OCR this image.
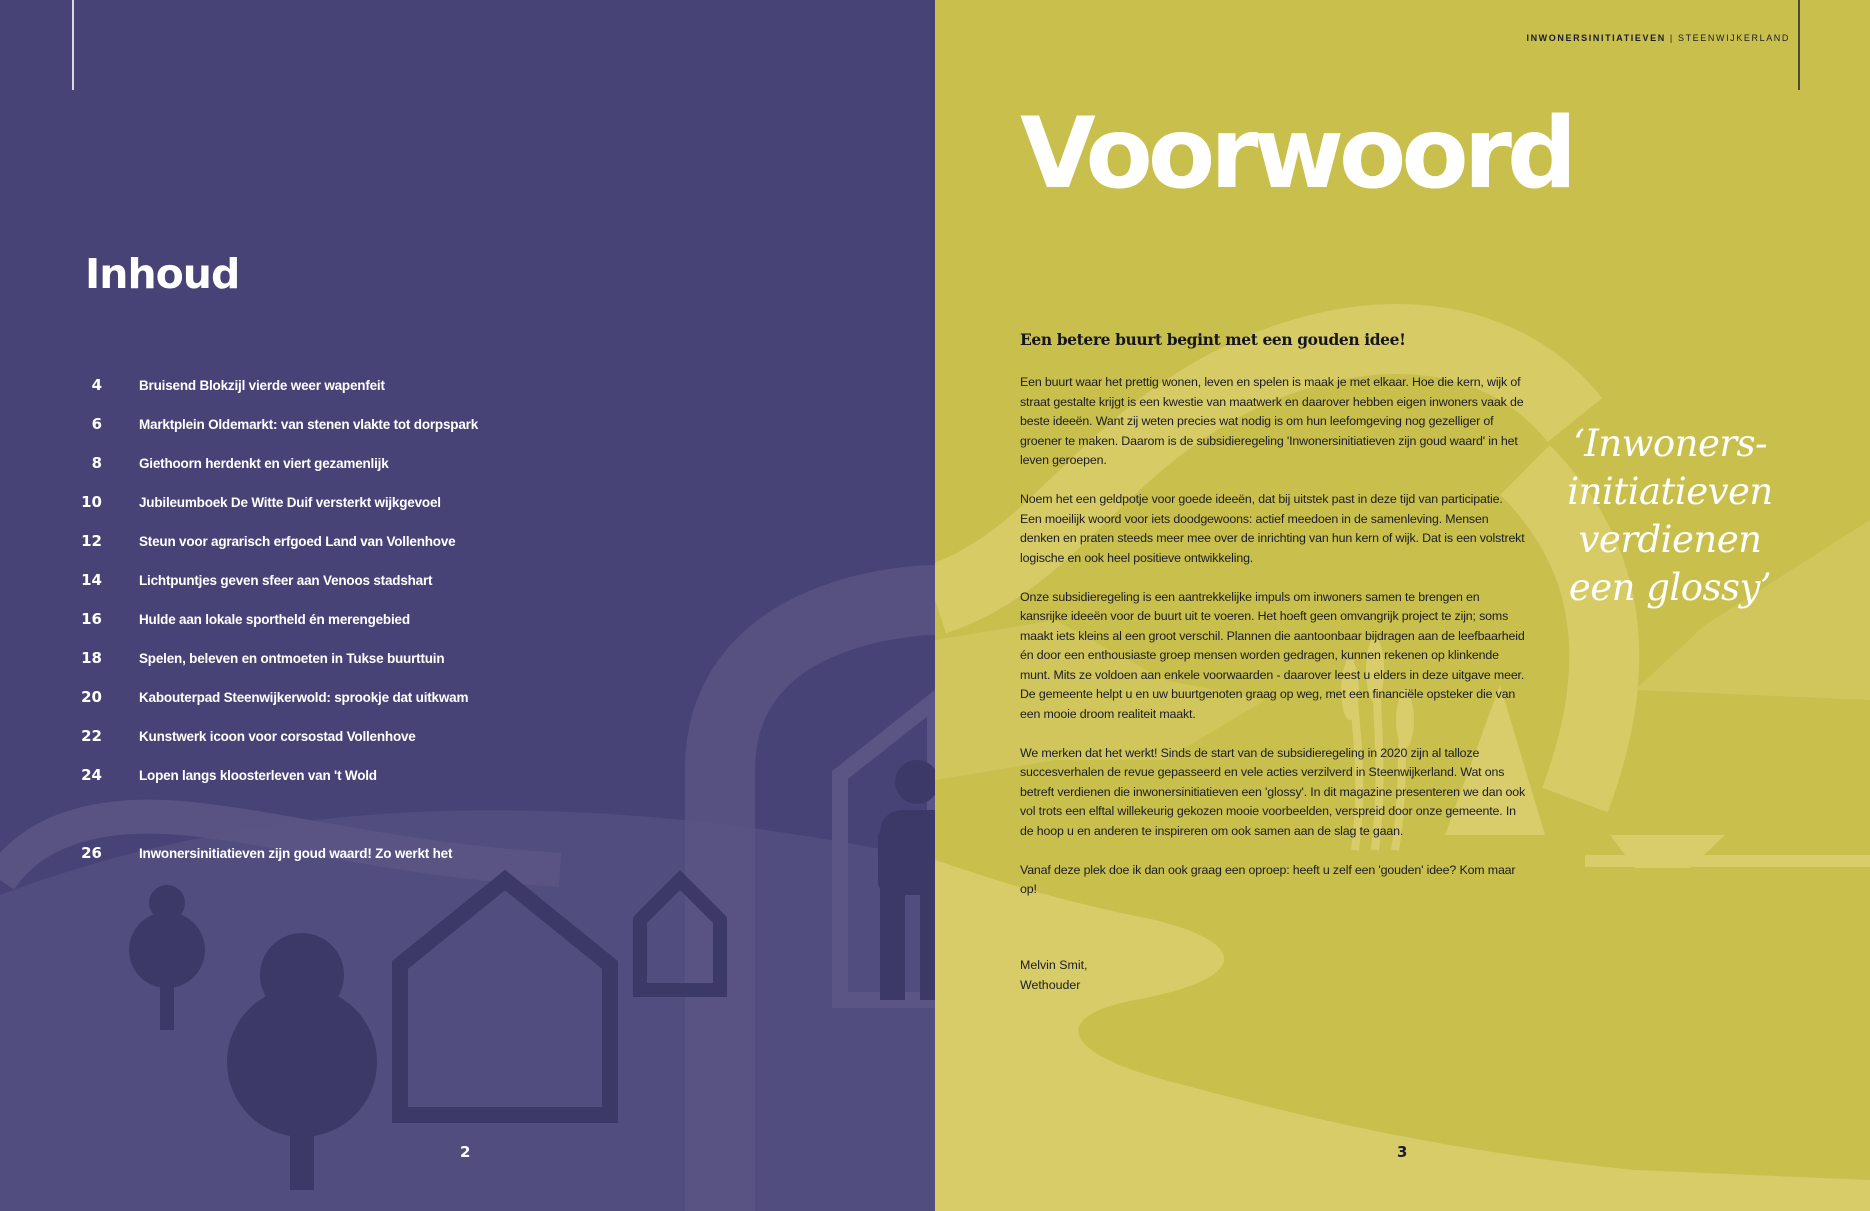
Inhoud
4	Bruisend Blokzijl vierde weer wapenfeit
6	Marktplein Oldemarkt: van stenen vlakte tot dorpspark
8	Giethoorn herdenkt en viert gezamenlijk
10	Jubileumboek De Witte Duif versterkt wijkgevoel
12	Steun voor agrarisch erfgoed Land van Vollenhove
14	Lichtpuntjes geven sfeer aan Venoos stadshart
16	Hulde aan lokale sportheld én merengebied
18	Spelen, beleven en ontmoeten in Tukse buurttuin
20	Kabouterpad Steenwijkerwold: sprookje dat uitkwam
22	Kunstwerk icoon voor corsostad Vollenhove
24	Lopen langs kloosterleven van 't Wold
26	Inwonersinitiatieven zijn goud waard! Zo werkt het
2
INWONERSINITIATIEVEN | STEENWIJKERLAND
Voorwoord
Een betere buurt begint met een gouden idee!

Een buurt waar het prettig wonen, leven en spelen is maak je met elkaar. Hoe die kern, wijk of straat gestalte krijgt is een kwestie van maatwerk en daarover hebben eigen inwoners vaak de beste ideeën. Want zij weten precies wat nodig is om hun leefomgeving nog gezelliger of groener te maken. Daarom is de subsidieregeling 'Inwonersinitiatieven zijn goud waard' in het leven geroepen.

Noem het een geldpotje voor goede ideeën, dat bij uitstek past in deze tijd van participatie. Een moeilijk woord voor iets doodgewoons: actief meedoen in de samenleving. Mensen denken en praten steeds meer mee over de inrichting van hun kern of wijk. Dat is een volstrekt logische en ook heel positieve ontwikkeling.

Onze subsidieregeling is een aantrekkelijke impuls om inwoners samen te brengen en kansrijke ideeën voor de buurt uit te voeren. Het hoeft geen omvangrijk project te zijn; soms maakt iets kleins al een groot verschil. Plannen die aantoonbaar bijdragen aan de leefbaarheid én door een enthousiaste groep mensen worden gedragen, kunnen rekenen op klinkende munt. Mits ze voldoen aan enkele voorwaarden - daarover leest u elders in deze uitgave meer. De gemeente helpt u en uw buurtgenoten graag op weg, met een financiële opsteker die van een mooie droom realiteit maakt.

We merken dat het werkt! Sinds de start van de subsidieregeling in 2020 zijn al talloze succesverhalen de revue gepasseerd en vele acties verzilverd in Steenwijkerland. Wat ons betreft verdienen die inwonersinitiatieven een 'glossy'. In dit magazine presenteren we dan ook vol trots een elftal willekeurig gekozen mooie voorbeelden, verspreid door onze gemeente. In de hoop u en anderen te inspireren om ook samen aan de slag te gaan.

Vanaf deze plek doe ik dan ook graag een oproep: heeft u zelf een 'gouden' idee? Kom maar op!

Melvin Smit,
Wethouder
‘Inwoners-
initiatieven
verdienen
een glossy’
3
